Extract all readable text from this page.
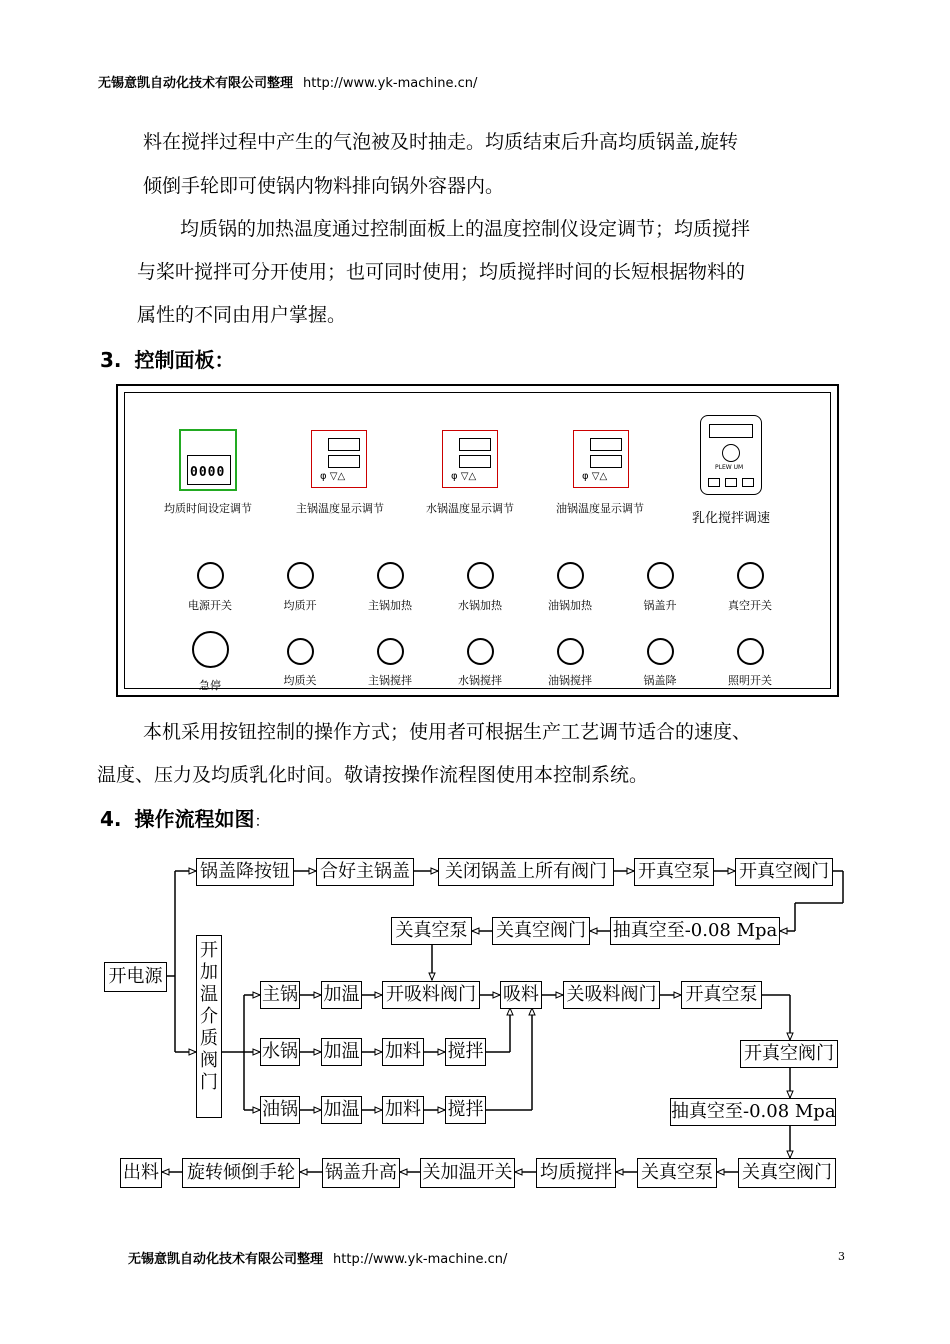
无锡意凯自动化技术有限公司整理 http://www.yk-machine.cn/
料在搅拌过程中产生的气泡被及时抽走。均质结束后升高均质锅盖,旋转
倾倒手轮即可使锅内物料排向锅外容器内。
均质锅的加热温度通过控制面板上的温度控制仪设定调节；均质搅拌
与桨叶搅拌可分开使用；也可同时使用；均质搅拌时间的长短根据物料的
属性的不同由用户掌握。
3. 控制面板：
0000
均质时间设定调节
φ ▽△
主锅温度显示调节
φ ▽△
水锅温度显示调节
φ ▽△
油锅温度显示调节
PLEW UM
乳化搅拌调速
电源开关	均质开	主锅加热	水锅加热	油锅加热	锅盖升	真空开关
急停	均质关	主锅搅拌	水锅搅拌	油锅搅拌	锅盖降	照明开关
本机采用按钮控制的操作方式；使用者可根据生产工艺调节适合的速度、
温度、压力及均质乳化时间。敬请按操作流程图使用本控制系统。
4. 操作流程如图：
开电源
锅盖降按钮 合好主锅盖	关闭锅盖上所有阀门	开真空泵 开真空阀门
关真空泵 关真空阀门 抽真空至-0.08 Mpa
开加温介质阀门
主锅 加温 开吸料阀门 吸料 关吸料阀门 开真空泵
水锅 加温 加料 搅拌
油锅 加温 加料 搅拌
开真空阀门
抽真空至-0.08 Mpa
出料 旋转倾倒手轮 锅盖升高 关加温开关 均质搅拌 关真空泵 关真空阀门
无锡意凯自动化技术有限公司整理 http://www.yk-machine.cn/	3
